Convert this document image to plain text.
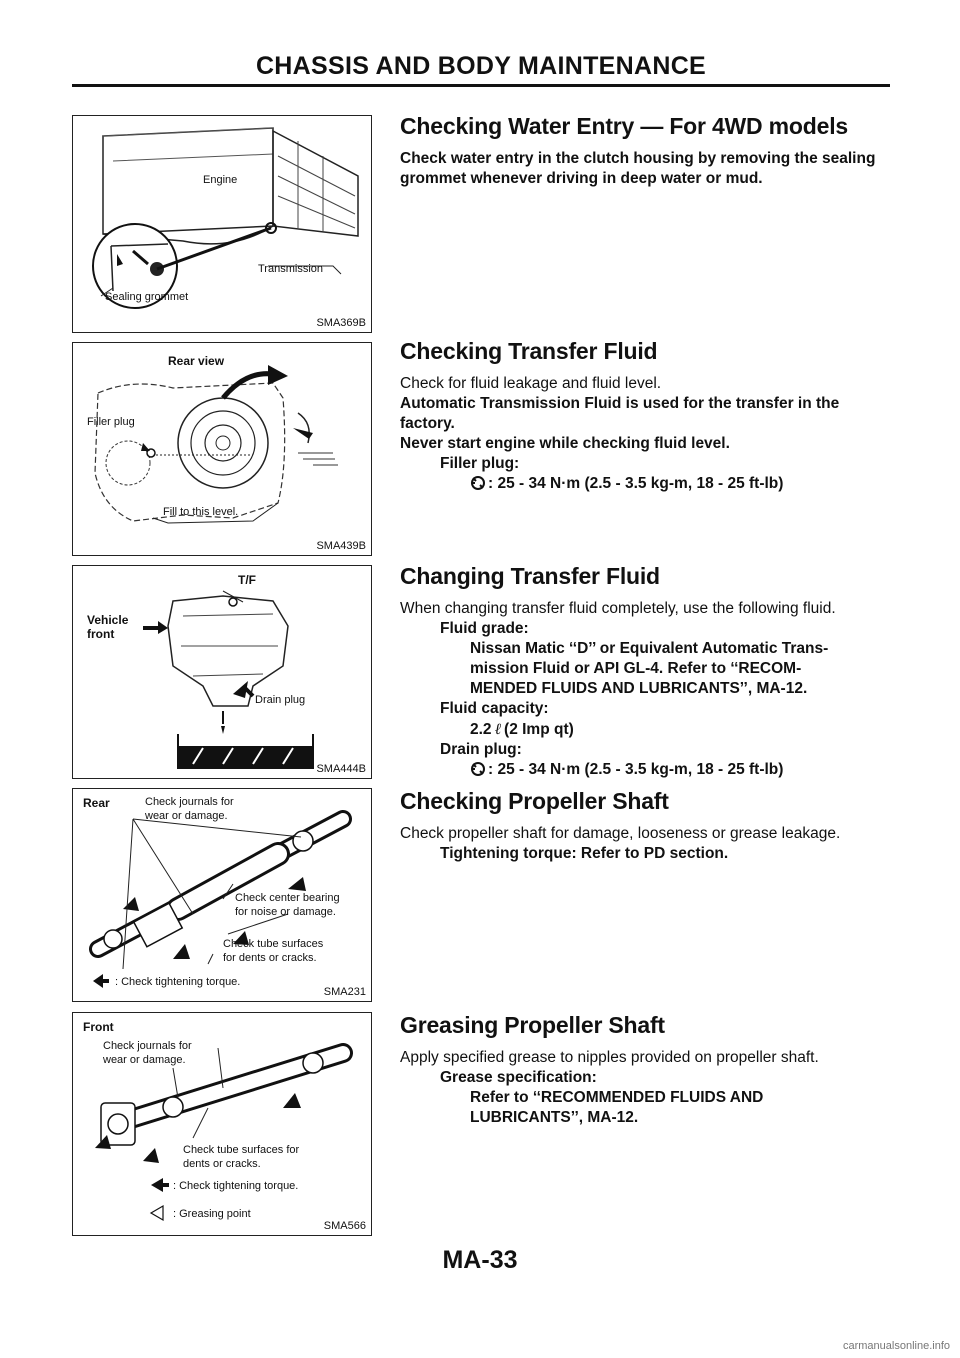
CHASSIS AND BODY MAINTENANCE
Engine
Transmission
Sealing grommet
SMA369B
Rear view
Filler plug
Fill to this level.
SMA439B
T/F
Vehicle
front
Drain plug
SMA444B
Rear	Check journals for
wear or damage.
Check center bearing
for noise or damage.
Check tube surfaces
for dents or cracks.
: Check tightening torque.
SMA231
Front
Check journals for
wear or damage.
Check tube surfaces for
dents or cracks.
: Check tightening torque.
: Greasing point
SMA566
Checking Water Entry — For 4WD models

Check water entry in the clutch housing by removing the sealing grommet whenever driving in deep water or mud.

Checking Transfer Fluid

Check for fluid leakage and fluid level.

Automatic Transmission Fluid is used for the transfer in the factory.

Never start engine while checking fluid level.

Filler plug:

: 25 - 34 N·m (2.5 - 3.5 kg-m, 18 - 25 ft-lb)

Changing Transfer Fluid

When changing transfer fluid completely, use the following fluid.

Fluid grade:

Nissan Matic ‘‘D’’ or Equivalent Automatic Trans-

mission Fluid or API GL-4. Refer to ‘‘RECOM-

MENDED FLUIDS AND LUBRICANTS’’, MA-12.

Fluid capacity:

2.2 ℓ (2 Imp qt)

Drain plug:

: 25 - 34 N·m (2.5 - 3.5 kg-m, 18 - 25 ft-lb)

Checking Propeller Shaft

Check propeller shaft for damage, looseness or grease leakage.

Tightening torque: Refer to PD section.

Greasing Propeller Shaft

Apply specified grease to nipples provided on propeller shaft.

Grease specification:

Refer to ‘‘RECOMMENDED FLUIDS AND

LUBRICANTS’’, MA-12.

MA-33
carmanualsonline.info
